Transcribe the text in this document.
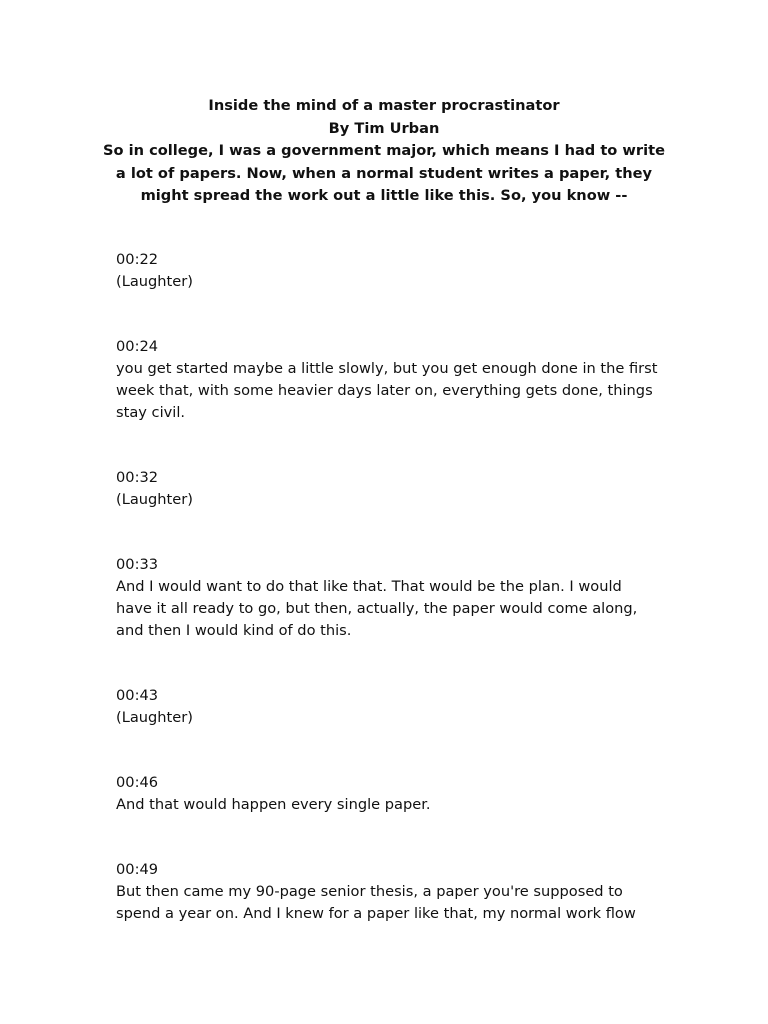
Inside the mind of a master procrastinator
By Tim Urban
So in college, I was a government major, which means I had to write a lot of papers. Now, when a normal student writes a paper, they might spread the work out a little like this. So, you know --
00:22
(Laughter)
00:24
you get started maybe a little slowly, but you get enough done in the first week that, with some heavier days later on, everything gets done, things stay civil.
00:32
(Laughter)
00:33
And I would want to do that like that. That would be the plan. I would have it all ready to go, but then, actually, the paper would come along, and then I would kind of do this.
00:43
(Laughter)
00:46
And that would happen every single paper.
00:49
But then came my 90-page senior thesis, a paper you're supposed to spend a year on. And I knew for a paper like that, my normal work flow
